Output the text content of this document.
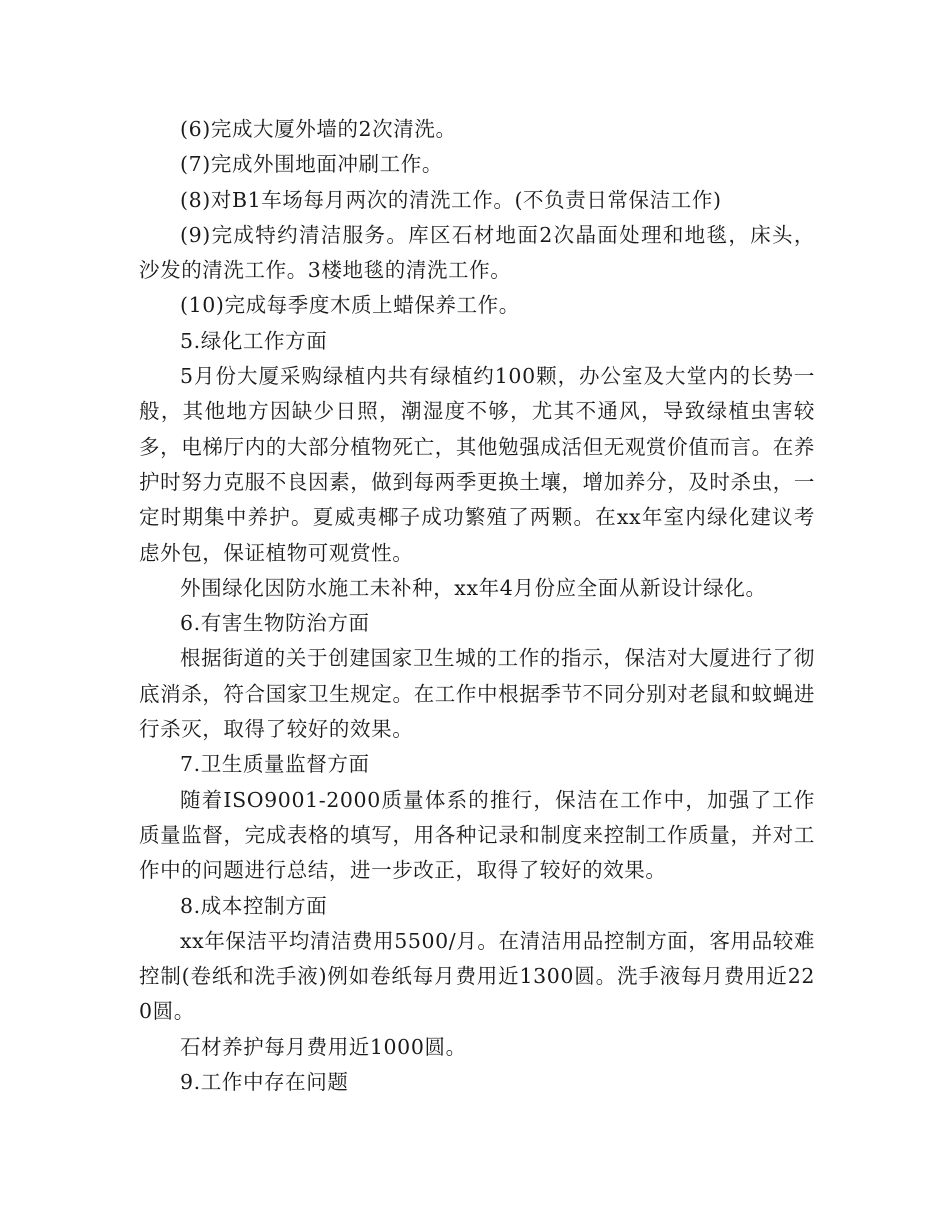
(6)完成大厦外墙的2次清洗。

(7)完成外围地面冲刷工作。

(8)对B1车场每月两次的清洗工作。(不负责日常保洁工作)

(9)完成特约清洁服务。库区石材地面2次晶面处理和地毯，床头，沙发的清洗工作。3楼地毯的清洗工作。

(10)完成每季度木质上蜡保养工作。

5.绿化工作方面

5月份大厦采购绿植内共有绿植约100颗，办公室及大堂内的长势一般，其他地方因缺少日照，潮湿度不够，尤其不通风，导致绿植虫害较多，电梯厅内的大部分植物死亡，其他勉强成活但无观赏价值而言。在养护时努力克服不良因素，做到每两季更换土壤，增加养分，及时杀虫，一定时期集中养护。夏威夷椰子成功繁殖了两颗。在xx年室内绿化建议考虑外包，保证植物可观赏性。

外围绿化因防水施工未补种，xx年4月份应全面从新设计绿化。

6.有害生物防治方面

根据街道的关于创建国家卫生城的工作的指示，保洁对大厦进行了彻底消杀，符合国家卫生规定。在工作中根据季节不同分别对老鼠和蚊蝇进行杀灭，取得了较好的效果。

7.卫生质量监督方面

随着ISO9001-2000质量体系的推行，保洁在工作中，加强了工作质量监督，完成表格的填写，用各种记录和制度来控制工作质量，并对工作中的问题进行总结，进一步改正，取得了较好的效果。

8.成本控制方面

xx年保洁平均清洁费用5500/月。在清洁用品控制方面，客用品较难控制(卷纸和洗手液)例如卷纸每月费用近1300圆。洗手液每月费用近220圆。

石材养护每月费用近1000圆。

9.工作中存在问题
